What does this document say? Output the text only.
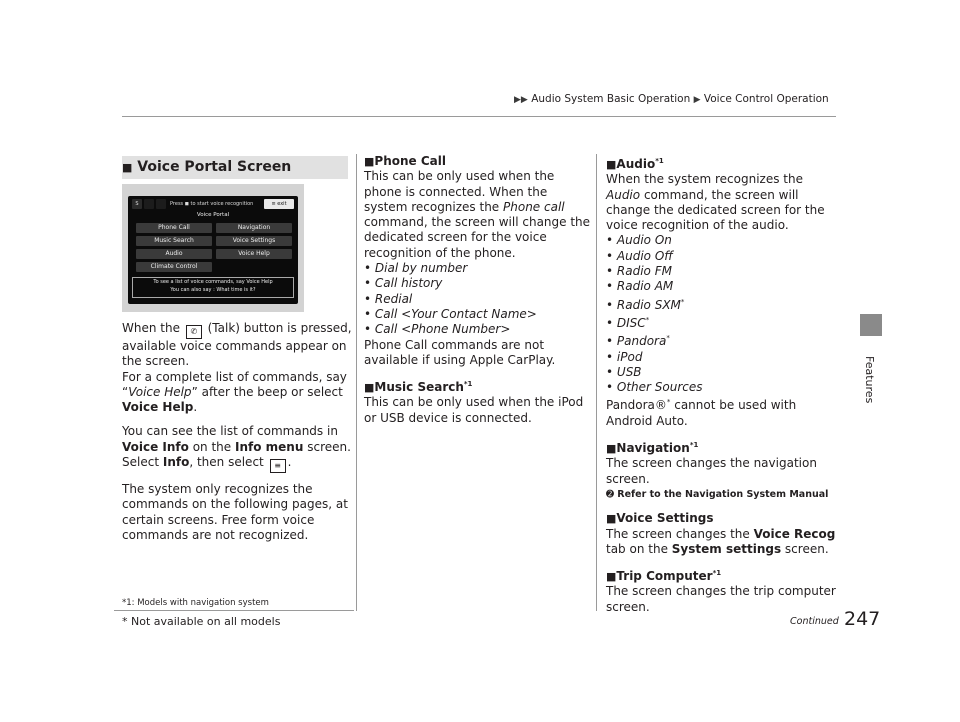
▶▶ Audio System Basic Operation ▶ Voice Control Operation
Features
■ Voice Portal Screen
S	Press ◼ to start voice recognition	≡ exit
Voice Portal
Phone Call	Navigation
Music Search	Voice Settings
Audio	Voice Help
Climate Control
To see a list of voice commands, say Voice Help
You can also say : What time is it?

When the ✆ (Talk) button is pressed, available voice commands appear on the screen.

For a complete list of commands, say “Voice Help” after the beep or select Voice Help.

You can see the list of commands in Voice Info on the Info menu screen. Select Info, then select ≡ .

The system only recognizes the commands on the following pages, at certain screens. Free form voice commands are not recognized.

*1: Models with navigation system
* Not available on all models

■Phone Call

This can be only used when the phone is connected. When the system recognizes the Phone call command, the screen will change the dedicated screen for the voice recognition of the phone.

• Dial by number

• Call history

• Redial

• Call <Your Contact Name>

• Call <Phone Number>

Phone Call commands are not available if using Apple CarPlay.

■Music Search$^{*1}$

This can be only used when the iPod or USB device is connected.

■Audio$^{*1}$

When the system recognizes the Audio command, the screen will change the dedicated screen for the voice recognition of the audio.

• Audio On

• Audio Off

• Radio FM

• Radio AM

• Radio SXM*

• DISC*

• Pandora*

• iPod

• USB

• Other Sources

Pandora®* cannot be used with Android Auto.

■Navigation$^{*1}$

The screen changes the navigation screen.

➋ Refer to the Navigation System Manual

■Voice Settings

The screen changes the Voice Recog tab on the System settings screen.

■Trip Computer$^{*1}$

The screen changes the trip computer screen.

Continued 247
